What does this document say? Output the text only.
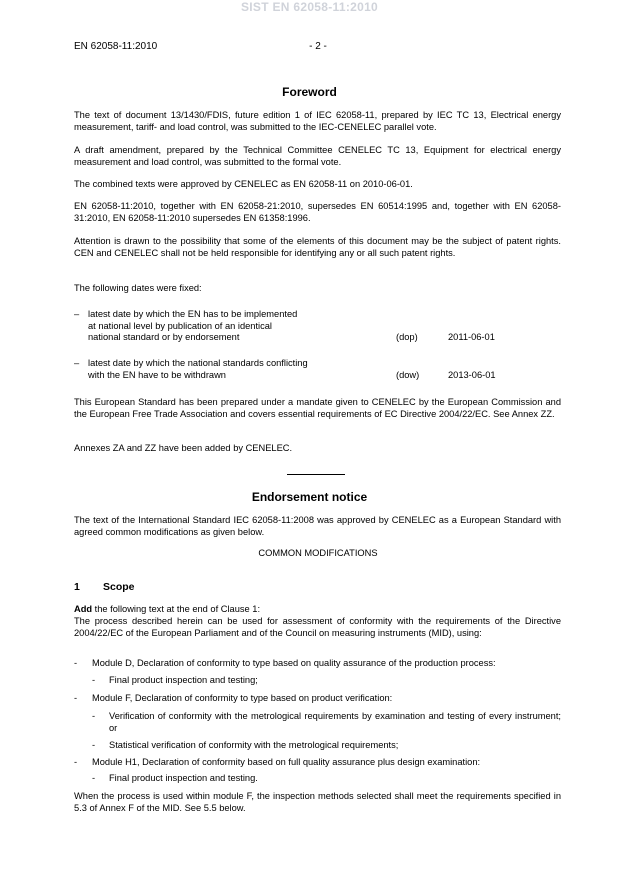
SIST EN 62058-11:2010
EN 62058-11:2010	- 2 -
Foreword
The text of document 13/1430/FDIS, future edition 1 of IEC 62058-11, prepared by IEC TC 13, Electrical energy measurement, tariff- and load control, was submitted to the IEC-CENELEC parallel vote.
A draft amendment, prepared by the Technical Committee CENELEC TC 13, Equipment for electrical energy measurement and load control, was submitted to the formal vote.
The combined texts were approved by CENELEC as EN 62058-11 on 2010-06-01.
EN 62058-11:2010, together with EN 62058-21:2010, supersedes EN 60514:1995 and, together with EN 62058-31:2010, EN 62058-11:2010 supersedes EN 61358:1996.
Attention is drawn to the possibility that some of the elements of this document may be the subject of patent rights. CEN and CENELEC shall not be held responsible for identifying any or all such patent rights.
The following dates were fixed:
– latest date by which the EN has to be implemented
at national level by publication of an identical
national standard or by endorsement	(dop)	2011-06-01
– latest date by which the national standards conflicting
with the EN have to be withdrawn	(dow)	2013-06-01
This European Standard has been prepared under a mandate given to CENELEC by the European Commission and the European Free Trade Association and covers essential requirements of EC Directive 2004/22/EC. See Annex ZZ.
Annexes ZA and ZZ have been added by CENELEC.
Endorsement notice
The text of the International Standard IEC 62058-11:2008 was approved by CENELEC as a European Standard with agreed common modifications as given below.
COMMON MODIFICATIONS
1 Scope
Add the following text at the end of Clause 1:
The process described herein can be used for assessment of conformity with the requirements of the Directive 2004/22/EC of the European Parliament and of the Council on measuring instruments (MID), using:
- Module D, Declaration of conformity to type based on quality assurance of the production process:
- Final product inspection and testing;
- Module F, Declaration of conformity to type based on product verification:
- Verification of conformity with the metrological requirements by examination and testing of every instrument; or
- Statistical verification of conformity with the metrological requirements;
- Module H1, Declaration of conformity based on full quality assurance plus design examination:
- Final product inspection and testing.
When the process is used within module F, the inspection methods selected shall meet the requirements specified in 5.3 of Annex F of the MID. See 5.5 below.
